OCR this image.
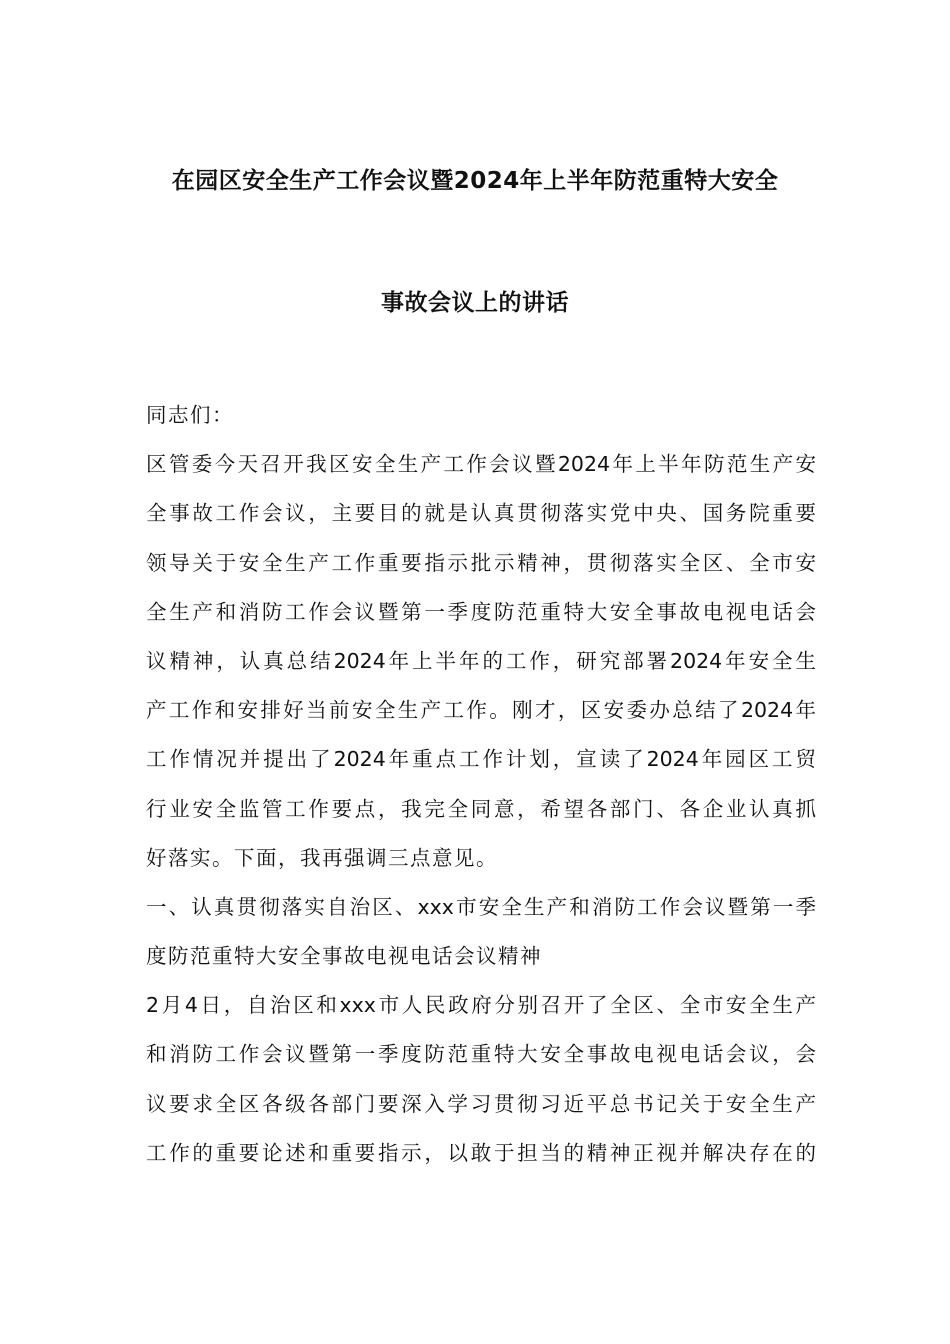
在园区安全生产工作会议暨2024年上半年防范重特大安全
事故会议上的讲话
同志们：
区管委今天召开我区安全生产工作会议暨2024年上半年防范生产安
全事故工作会议，主要目的就是认真贯彻落实党中央、国务院重要
领导关于安全生产工作重要指示批示精神，贯彻落实全区、全市安
全生产和消防工作会议暨第一季度防范重特大安全事故电视电话会
议精神，认真总结2024年上半年的工作，研究部署2024年安全生
产工作和安排好当前安全生产工作。刚才，区安委办总结了2024年
工作情况并提出了2024年重点工作计划，宣读了2024年园区工贸
行业安全监管工作要点，我完全同意，希望各部门、各企业认真抓
好落实。下面，我再强调三点意见。
一、认真贯彻落实自治区、xxx市安全生产和消防工作会议暨第一季
度防范重特大安全事故电视电话会议精神
2月4日，自治区和xxx市人民政府分别召开了全区、全市安全生产
和消防工作会议暨第一季度防范重特大安全事故电视电话会议，会
议要求全区各级各部门要深入学习贯彻习近平总书记关于安全生产
工作的重要论述和重要指示，以敢于担当的精神正视并解决存在的
